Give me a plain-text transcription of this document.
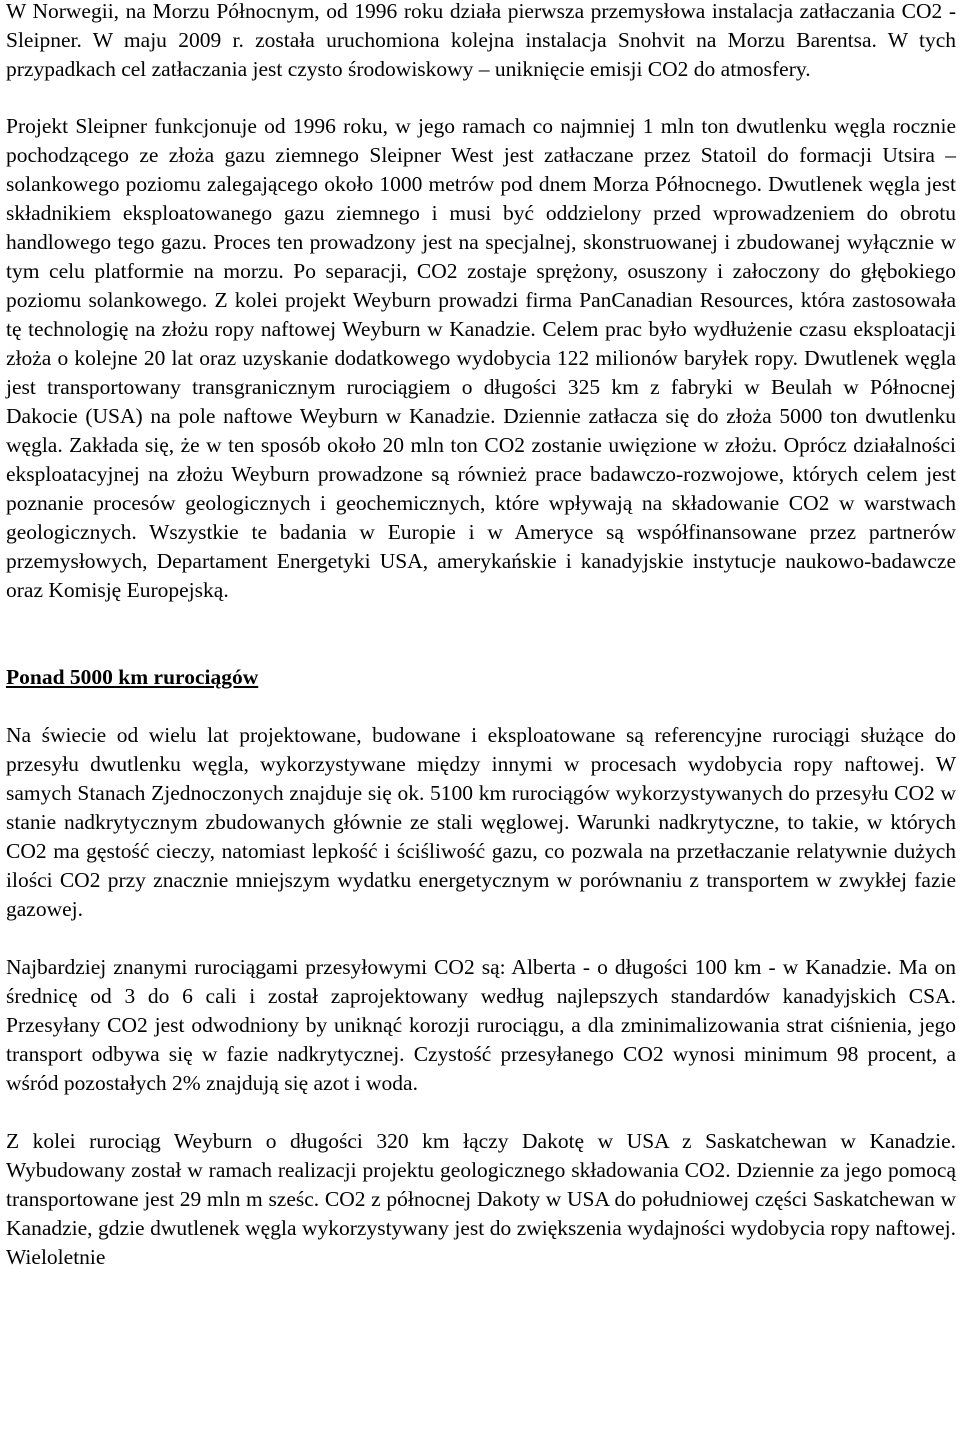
W Norwegii, na Morzu Północnym, od 1996 roku działa pierwsza przemysłowa instalacja zatłaczania CO2 - Sleipner. W maju 2009 r. została uruchomiona kolejna instalacja Snohvit na Morzu Barentsa. W tych przypadkach cel zatłaczania jest czysto środowiskowy – uniknięcie emisji CO2 do atmosfery.

Projekt Sleipner funkcjonuje od 1996 roku, w jego ramach co najmniej 1 mln ton dwutlenku węgla rocznie pochodzącego ze złoża gazu ziemnego Sleipner West jest zatłaczane przez Statoil do formacji Utsira – solankowego poziomu zalegającego około 1000 metrów pod dnem Morza Północnego. Dwutlenek węgla jest składnikiem eksploatowanego gazu ziemnego i musi być oddzielony przed wprowadzeniem do obrotu handlowego tego gazu. Proces ten prowadzony jest na specjalnej, skonstruowanej i zbudowanej wyłącznie w tym celu platformie na morzu. Po separacji, CO2 zostaje sprężony, osuszony i załoczony do głębokiego poziomu solankowego. Z kolei projekt Weyburn prowadzi firma PanCanadian Resources, która zastosowała tę technologię na złożu ropy naftowej Weyburn w Kanadzie. Celem prac było wydłużenie czasu eksploatacji złoża o kolejne 20 lat oraz uzyskanie dodatkowego wydobycia 122 milionów baryłek ropy. Dwutlenek węgla jest transportowany transgranicznym rurociągiem o długości 325 km z fabryki w Beulah w Północnej Dakocie (USA) na pole naftowe Weyburn w Kanadzie. Dziennie zatłacza się do złoża 5000 ton dwutlenku węgla. Zakłada się, że w ten sposób około 20 mln ton CO2 zostanie uwięzione w złożu. Oprócz działalności eksploatacyjnej na złożu Weyburn prowadzone są również prace badawczo-rozwojowe, których celem jest poznanie procesów geologicznych i geochemicznych, które wpływają na składowanie CO2 w warstwach geologicznych. Wszystkie te badania w Europie i w Ameryce są współfinansowane przez partnerów przemysłowych, Departament Energetyki USA, amerykańskie i kanadyjskie instytucje naukowo-badawcze oraz Komisję Europejską.

Ponad 5000 km rurociągów

Na świecie od wielu lat projektowane, budowane i eksploatowane są referencyjne rurociągi służące do przesyłu dwutlenku węgla, wykorzystywane między innymi w procesach wydobycia ropy naftowej. W samych Stanach Zjednoczonych znajduje się ok. 5100 km rurociągów wykorzystywanych do przesyłu CO2 w stanie nadkrytycznym zbudowanych głównie ze stali węglowej. Warunki nadkrytyczne, to takie, w których CO2 ma gęstość cieczy, natomiast lepkość i ściśliwość gazu, co pozwala na przetłaczanie relatywnie dużych ilości CO2 przy znacznie mniejszym wydatku energetycznym w porównaniu z transportem w zwykłej fazie gazowej.

Najbardziej znanymi rurociągami przesyłowymi CO2 są: Alberta - o długości 100 km - w Kanadzie. Ma on średnicę od 3 do 6 cali i został zaprojektowany według najlepszych standardów kanadyjskich CSA. Przesyłany CO2 jest odwodniony by uniknąć korozji rurociągu, a dla zminimalizowania strat ciśnienia, jego transport odbywa się w fazie nadkrytycznej. Czystość przesyłanego CO2 wynosi minimum 98 procent, a wśród pozostałych 2% znajdują się azot i woda.

Z kolei rurociąg Weyburn o długości 320 km łączy Dakotę w USA z Saskatchewan w Kanadzie. Wybudowany został w ramach realizacji projektu geologicznego składowania CO2. Dziennie za jego pomocą transportowane jest 29 mln m sześc. CO2 z północnej Dakoty w USA do południowej części Saskatchewan w Kanadzie, gdzie dwutlenek węgla wykorzystywany jest do zwiększenia wydajności wydobycia ropy naftowej. Wieloletnie
